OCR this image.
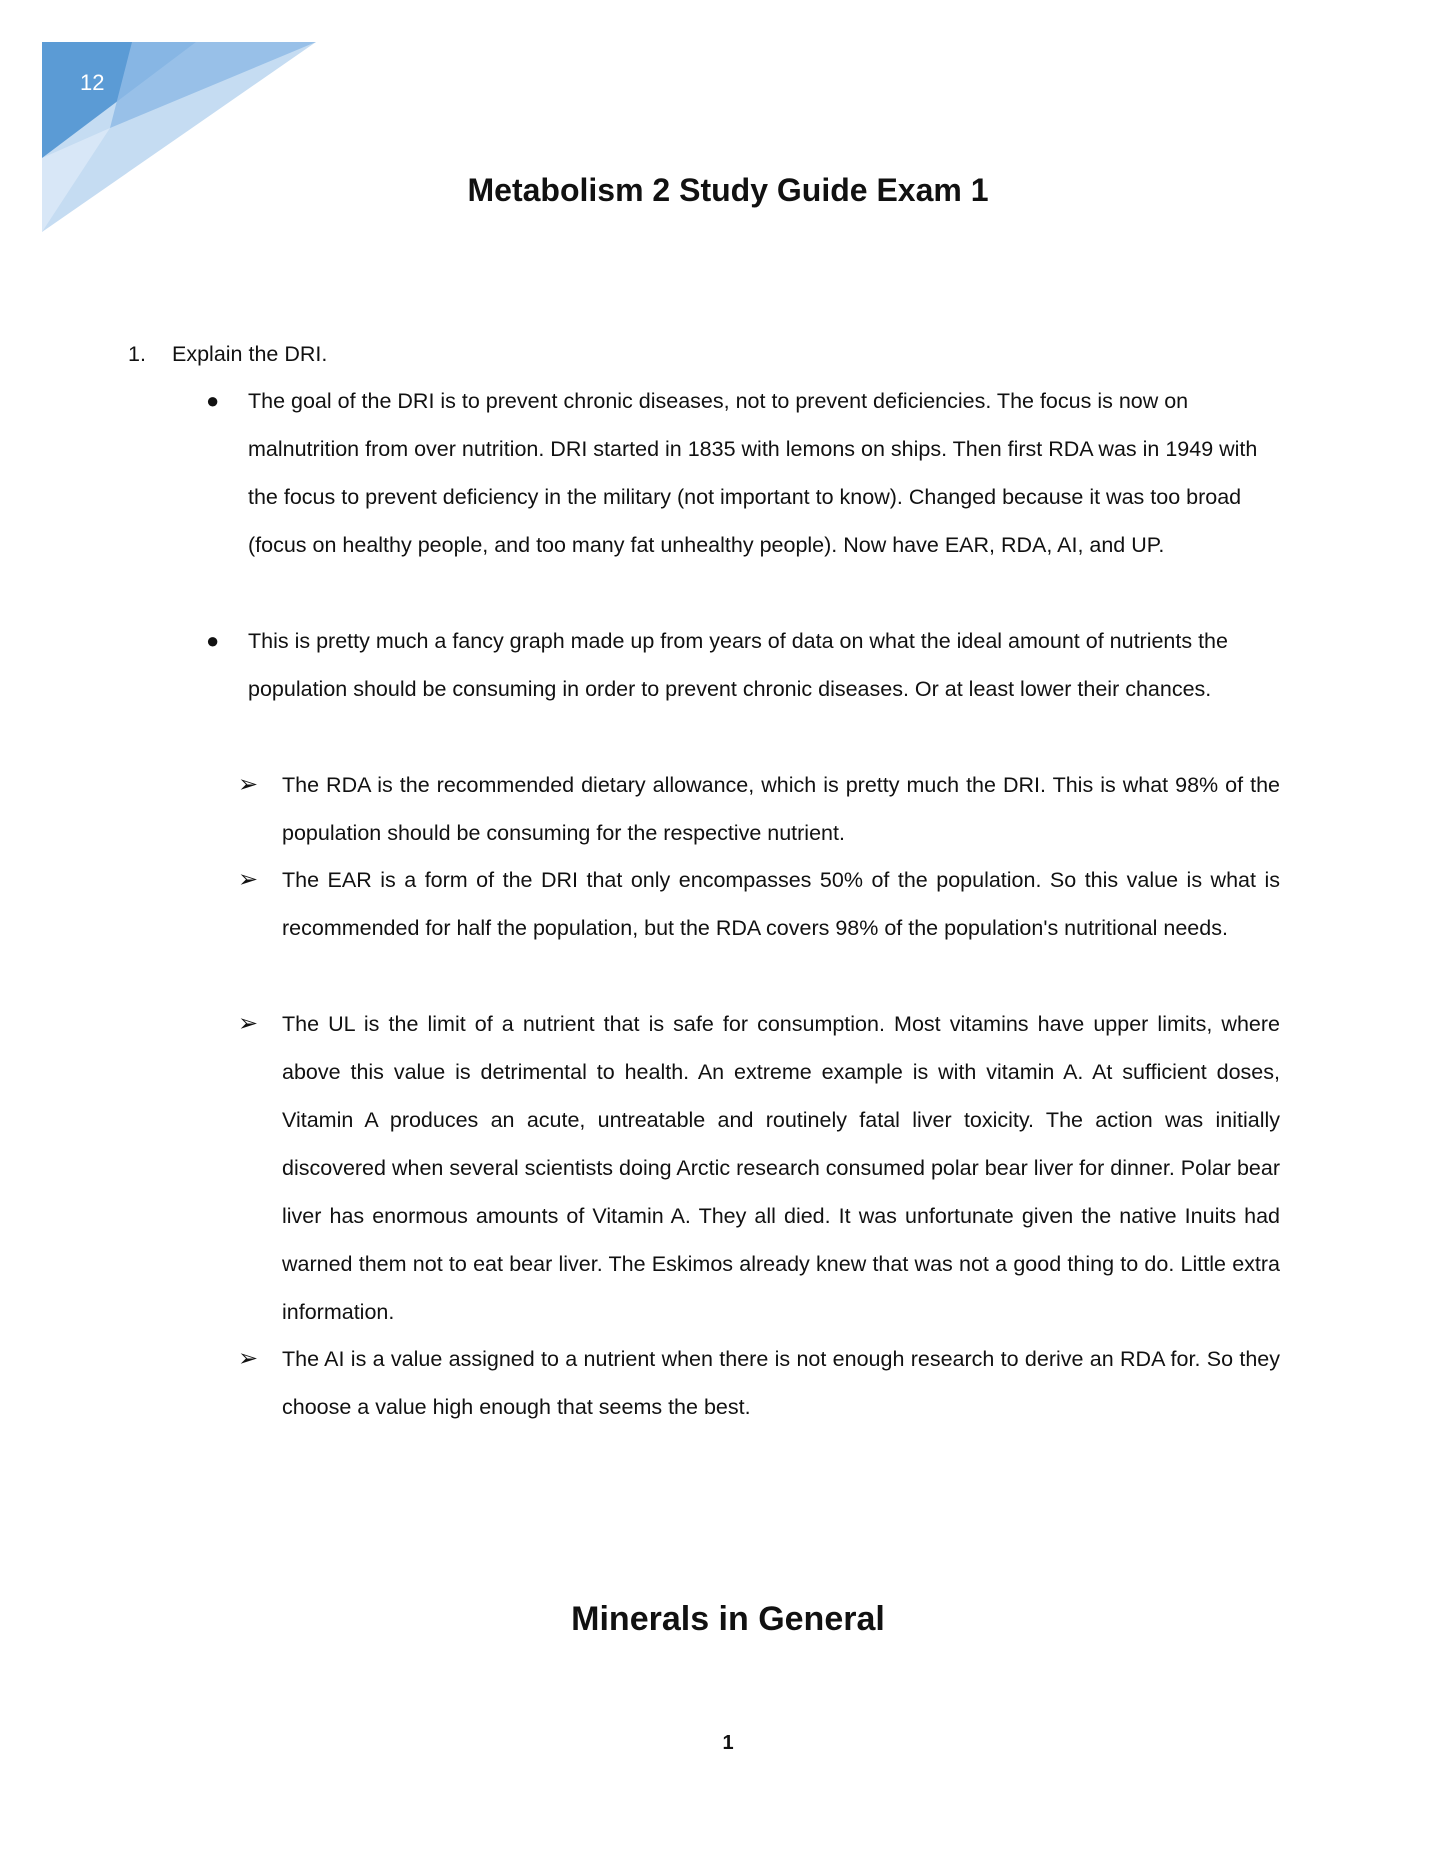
12
Metabolism 2 Study Guide Exam 1
1. Explain the DRI.
●	The goal of the DRI is to prevent chronic diseases, not to prevent deficiencies. The focus is now on malnutrition from over nutrition. DRI started in 1835 with lemons on ships. Then first RDA was in 1949 with the focus to prevent deficiency in the military (not important to know). Changed because it was too broad (focus on healthy people, and too many fat unhealthy people). Now have EAR, RDA, AI, and UP.
●	This is pretty much a fancy graph made up from years of data on what the ideal amount of nutrients the population should be consuming in order to prevent chronic diseases. Or at least lower their chances.
➢	The RDA is the recommended dietary allowance, which is pretty much the DRI. This is what 98% of the population should be consuming for the respective nutrient.
➢	The EAR is a form of the DRI that only encompasses 50% of the population. So this value is what is recommended for half the population, but the RDA covers 98% of the population's nutritional needs.
➢	The UL is the limit of a nutrient that is safe for consumption. Most vitamins have upper limits, where above this value is detrimental to health. An extreme example is with vitamin A. At sufficient doses, Vitamin A produces an acute, untreatable and routinely fatal liver toxicity. The action was initially discovered when several scientists doing Arctic research consumed polar bear liver for dinner. Polar bear liver has enormous amounts of Vitamin A. They all died. It was unfortunate given the native Inuits had warned them not to eat bear liver. The Eskimos already knew that was not a good thing to do. Little extra information.
➢	The AI is a value assigned to a nutrient when there is not enough research to derive an RDA for. So they choose a value high enough that seems the best.
Minerals in General
1
